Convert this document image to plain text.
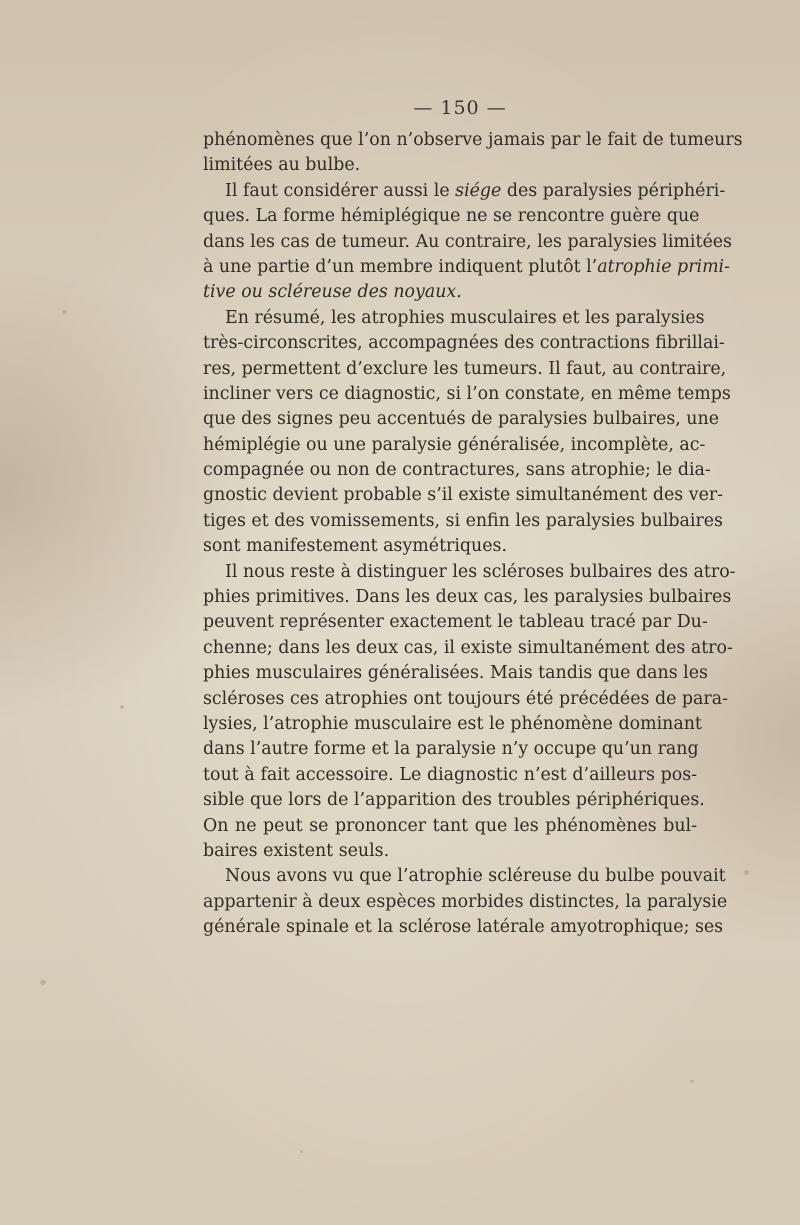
— 150 —
phénomènes que l’on n’observe jamais par le fait de tumeurs
limitées au bulbe.
Il faut considérer aussi le siége des paralysies périphéri-
ques. La forme hémiplégique ne se rencontre guère que
dans les cas de tumeur. Au contraire, les paralysies limitées
à une partie d’un membre indiquent plutôt l’atrophie primi-
tive ou scléreuse des noyaux.
En résumé, les atrophies musculaires et les paralysies
très-circonscrites, accompagnées des contractions fibrillai-
res, permettent d’exclure les tumeurs. Il faut, au contraire,
incliner vers ce diagnostic, si l’on constate, en même temps
que des signes peu accentués de paralysies bulbaires, une
hémiplégie ou une paralysie généralisée, incomplète, ac-
compagnée ou non de contractures, sans atrophie; le dia-
gnostic devient probable s’il existe simultanément des ver-
tiges et des vomissements, si enfin les paralysies bulbaires
sont manifestement asymétriques.
Il nous reste à distinguer les scléroses bulbaires des atro-
phies primitives. Dans les deux cas, les paralysies bulbaires
peuvent représenter exactement le tableau tracé par Du-
chenne; dans les deux cas, il existe simultanément des atro-
phies musculaires généralisées. Mais tandis que dans les
scléroses ces atrophies ont toujours été précédées de para-
lysies, l’atrophie musculaire est le phénomène dominant
dans l’autre forme et la paralysie n’y occupe qu’un rang
tout à fait accessoire. Le diagnostic n’est d’ailleurs pos-
sible que lors de l’apparition des troubles périphériques.
On ne peut se prononcer tant que les phénomènes bul-
baires existent seuls.
Nous avons vu que l’atrophie scléreuse du bulbe pouvait
appartenir à deux espèces morbides distinctes, la paralysie
générale spinale et la sclérose latérale amyotrophique; ses
